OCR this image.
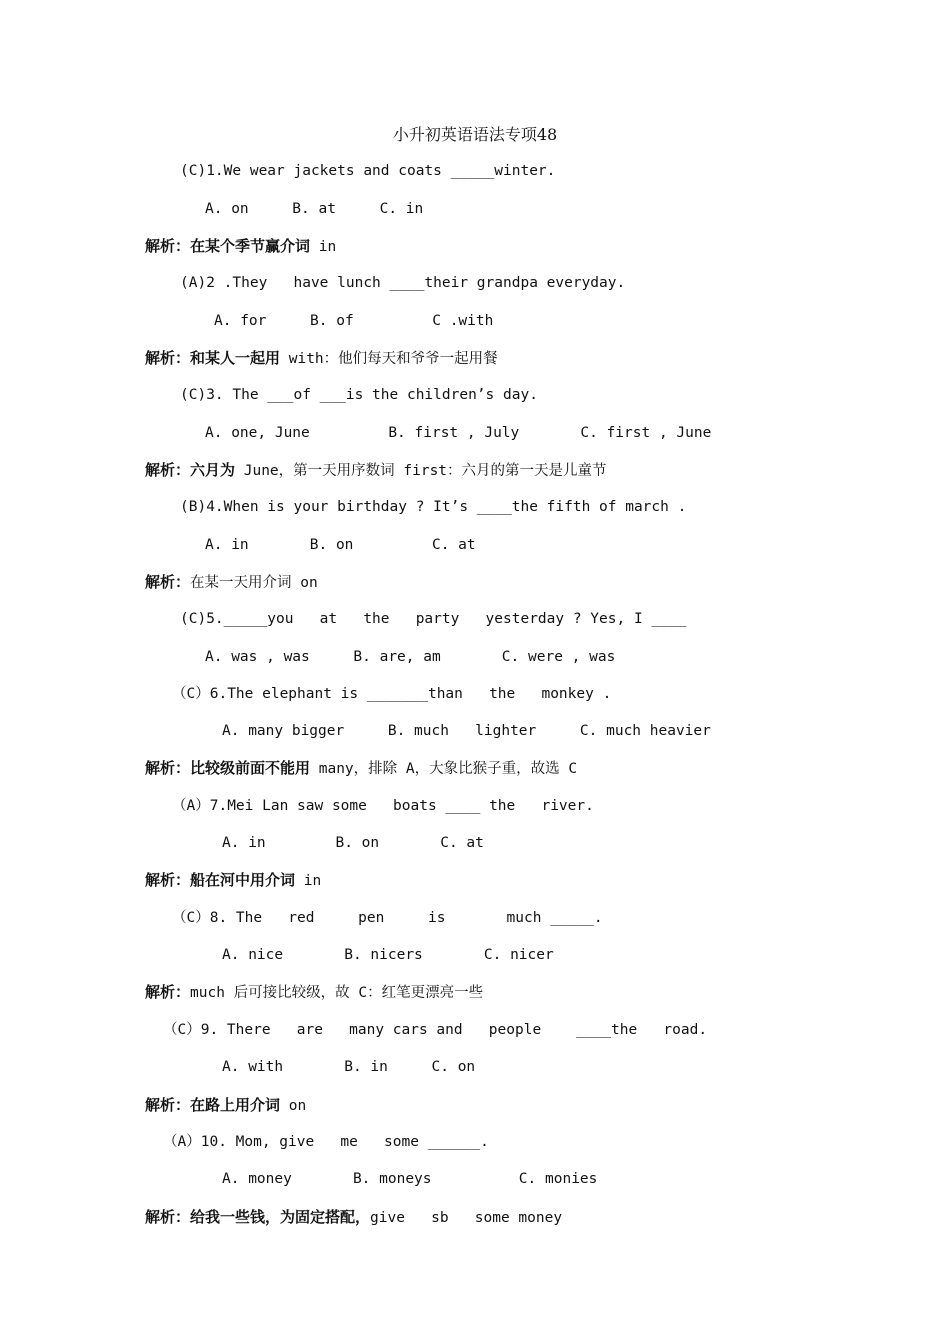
小升初英语语法专项48
(C)1.We wear jackets and coats _____winter.
A. on     B. at     C. in
解析：在某个季节赢介词 in
(A)2 .They   have lunch ____their grandpa everyday.
A. for     B. of         C .with
解析：和某人一起用 with：他们每天和爷爷一起用餐
(C)3. The ___of ___is the children’s day.
A. one, June         B. first , July       C. first , June
解析：六月为 June，第一天用序数词 first：六月的第一天是儿童节
(B)4.When is your birthday ? It’s ____the fifth of march .
A. in       B. on         C. at
解析：在某一天用介词 on
(C)5._____you   at   the   party   yesterday ? Yes, I ____
A. was , was     B. are, am       C. were , was
（C）6.The elephant is _______than   the   monkey .
A. many bigger     B. much   lighter     C. much heavier
解析：比较级前面不能用 many，排除 A，大象比猴子重，故选 C
（A）7.Mei Lan saw some   boats ____ the   river.
A. in        B. on       C. at
解析：船在河中用介词 in
（C）8. The   red     pen     is       much _____.
A. nice       B. nicers       C. nicer
解析：much 后可接比较级，故 C：红笔更漂亮一些
（C）9. There   are   many cars and   people    ____the   road.
A. with       B. in     C. on
解析：在路上用介词 on
（A）10. Mom, give   me   some ______.
A. money       B. moneys          C. monies
解析：给我一些钱，为固定搭配，give   sb   some money
